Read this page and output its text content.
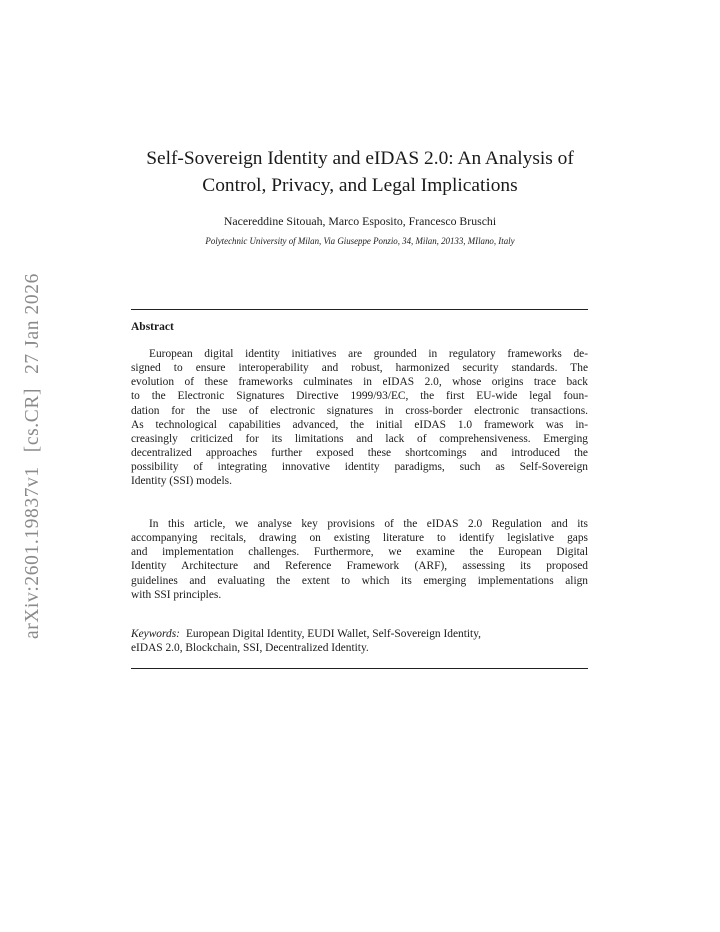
arXiv:2601.19837v1[cs.CR]27 Jan 2026
Self-Sovereign Identity and eIDAS 2.0: An Analysis of
Control, Privacy, and Legal Implications
Nacereddine Sitouah, Marco Esposito, Francesco Bruschi
Polytechnic University of Milan, Via Giuseppe Ponzio, 34, Milan, 20133, MIlano, Italy
Abstract
European digital identity initiatives are grounded in regulatory frameworks de-
signed to ensure interoperability and robust, harmonized security standards. The
evolution of these frameworks culminates in eIDAS 2.0, whose origins trace back
to the Electronic Signatures Directive 1999/93/EC, the first EU-wide legal foun-
dation for the use of electronic signatures in cross-border electronic transactions.
As technological capabilities advanced, the initial eIDAS 1.0 framework was in-
creasingly criticized for its limitations and lack of comprehensiveness. Emerging
decentralized approaches further exposed these shortcomings and introduced the
possibility of integrating innovative identity paradigms, such as Self-Sovereign
Identity (SSI) models.
In this article, we analyse key provisions of the eIDAS 2.0 Regulation and its
accompanying recitals, drawing on existing literature to identify legislative gaps
and implementation challenges. Furthermore, we examine the European Digital
Identity Architecture and Reference Framework (ARF), assessing its proposed
guidelines and evaluating the extent to which its emerging implementations align
with SSI principles.
Keywords: European Digital Identity, EUDI Wallet, Self-Sovereign Identity,
eIDAS 2.0, Blockchain, SSI, Decentralized Identity.
